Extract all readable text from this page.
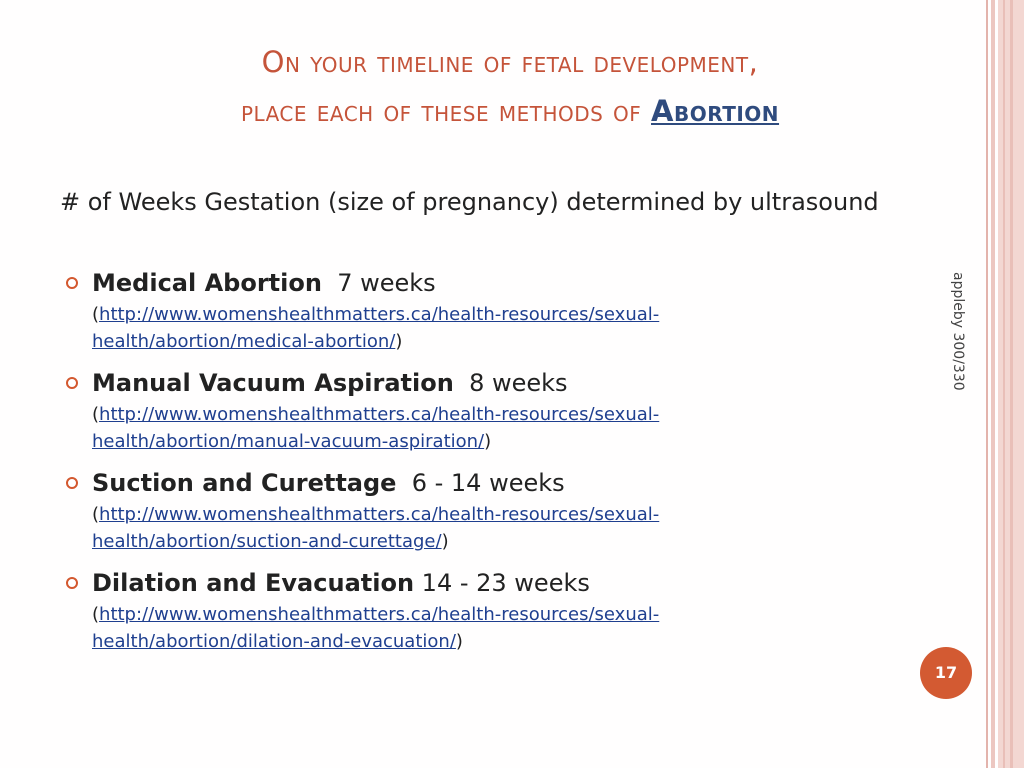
On your timeline of fetal development,
place each of these methods of Abortion

# of Weeks Gestation (size of pregnancy) determined by ultrasound

Medical Abortion 7 weeks
(http://www.womenshealthmatters.ca/health-resources/sexual-
health/abortion/medical-abortion/)
Manual Vacuum Aspiration 8 weeks
(http://www.womenshealthmatters.ca/health-resources/sexual-
health/abortion/manual-vacuum-aspiration/)
Suction and Curettage 6 - 14 weeks
(http://www.womenshealthmatters.ca/health-resources/sexual-
health/abortion/suction-and-curettage/)
Dilation and Evacuation 14 - 23 weeks
(http://www.womenshealthmatters.ca/health-resources/sexual-
health/abortion/dilation-and-evacuation/)
appleby 300/330
17
